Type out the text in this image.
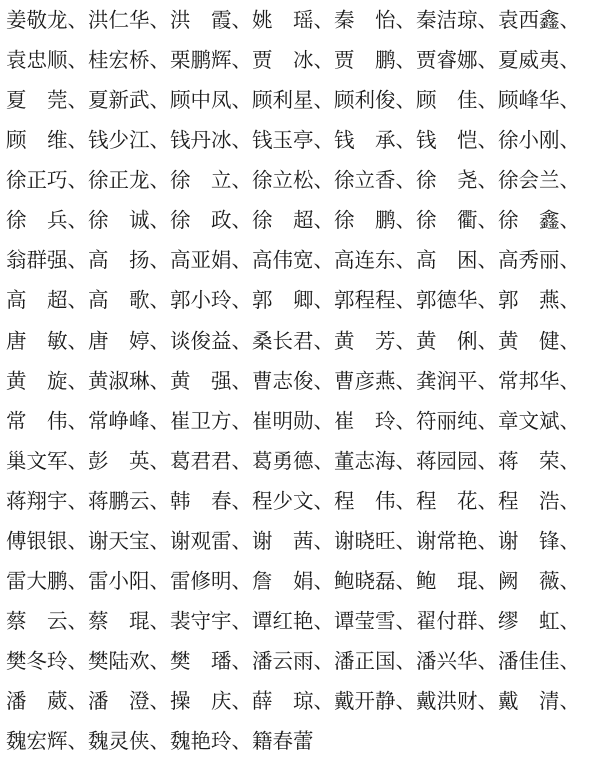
姜敬龙、洪仁华、洪　霞、姚　瑶、秦　怡、秦洁琼、袁西鑫、
袁忠顺、桂宏桥、栗鹏辉、贾　冰、贾　鹏、贾睿娜、夏威夷、
夏　莞、夏新武、顾中凤、顾利星、顾利俊、顾　佳、顾峰华、
顾　维、钱少江、钱丹冰、钱玉亭、钱　承、钱　恺、徐小刚、
徐正巧、徐正龙、徐　立、徐立松、徐立香、徐　尧、徐会兰、
徐　兵、徐　诚、徐　政、徐　超、徐　鹏、徐　衢、徐　鑫、
翁群强、高　扬、高亚娟、高伟宽、高连东、高　困、高秀丽、
高　超、高　歌、郭小玲、郭　卿、郭程程、郭德华、郭　燕、
唐　敏、唐　婷、谈俊益、桑长君、黄　芳、黄　俐、黄　健、
黄　旋、黄淑琳、黄　强、曹志俊、曹彦燕、龚润平、常邦华、
常　伟、常峥峰、崔卫方、崔明勋、崔　玲、符丽纯、章文斌、
巢文军、彭　英、葛君君、葛勇德、董志海、蒋园园、蒋　荣、
蒋翔宇、蒋鹏云、韩　春、程少文、程　伟、程　花、程　浩、
傅银银、谢天宝、谢观雷、谢　茜、谢晓旺、谢常艳、谢　锋、
雷大鹏、雷小阳、雷修明、詹　娟、鲍晓磊、鲍　琨、阙　薇、
蔡　云、蔡　琨、裴守宇、谭红艳、谭莹雪、翟付群、缪　虹、
樊冬玲、樊陆欢、樊　璠、潘云雨、潘正国、潘兴华、潘佳佳、
潘　葳、潘　澄、操　庆、薛　琼、戴开静、戴洪财、戴　清、
魏宏辉、魏灵侠、魏艳玲、籍春蕾
